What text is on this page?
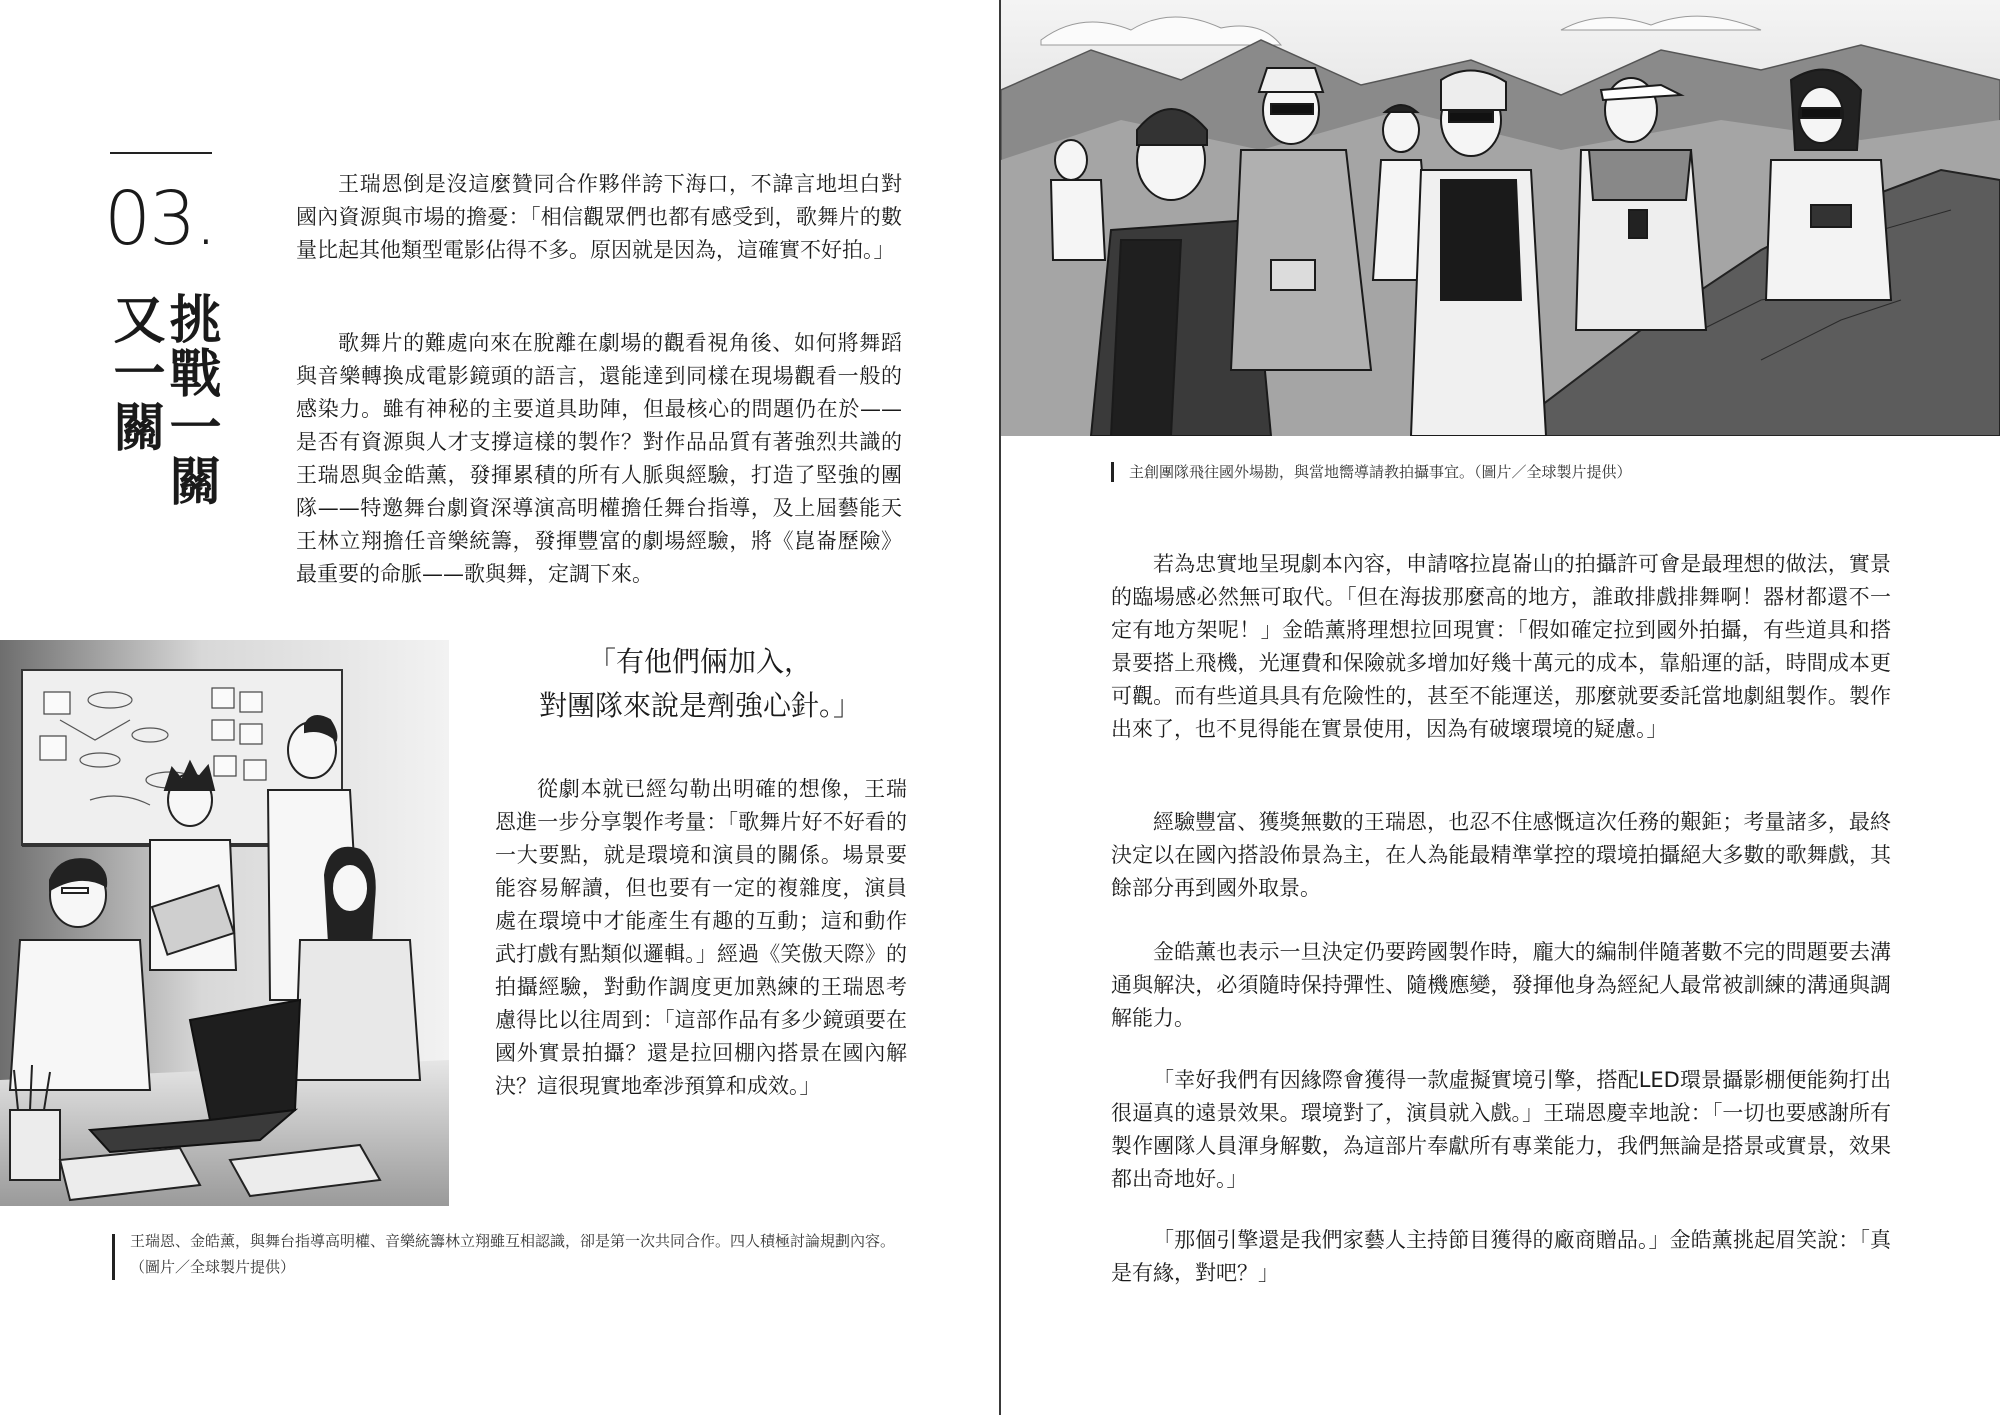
03.
挑戰一關
又一關

王瑞恩倒是沒這麼贊同合作夥伴誇下海口，不諱言地坦白對國內資源與市場的擔憂：「相信觀眾們也都有感受到，歌舞片的數量比起其他類型電影佔得不多。原因就是因為，這確實不好拍。」

歌舞片的難處向來在脫離在劇場的觀看視角後、如何將舞蹈與音樂轉換成電影鏡頭的語言，還能達到同樣在現場觀看一般的感染力。雖有神秘的主要道具助陣，但最核心的問題仍在於——是否有資源與人才支撐這樣的製作？對作品品質有著強烈共識的王瑞恩與金皓薰，發揮累積的所有人脈與經驗，打造了堅強的團隊——特邀舞台劇資深導演高明權擔任舞台指導，及上屆藝能天王林立翔擔任音樂統籌，發揮豐富的劇場經驗，將《崑崙歷險》最重要的命脈——歌與舞，定調下來。

「有他們倆加入，
對團隊來說是劑強心針。」

從劇本就已經勾勒出明確的想像，王瑞恩進一步分享製作考量：「歌舞片好不好看的一大要點，就是環境和演員的關係。場景要能容易解讀，但也要有一定的複雜度，演員處在環境中才能產生有趣的互動；這和動作武打戲有點類似邏輯。」經過《笑傲天際》的拍攝經驗，對動作調度更加熟練的王瑞恩考慮得比以往周到：「這部作品有多少鏡頭要在國外實景拍攝？還是拉回棚內搭景在國內解決？這很現實地牽涉預算和成效。」

王瑞恩、金皓薰，與舞台指導高明權、音樂統籌林立翔雖互相認識，卻是第一次共同合作。四人積極討論規劃內容。（圖片／全球製片提供）

主創團隊飛往國外場勘，與當地嚮導請教拍攝事宜。（圖片／全球製片提供）

若為忠實地呈現劇本內容，申請喀拉崑崙山的拍攝許可會是最理想的做法，實景的臨場感必然無可取代。「但在海拔那麼高的地方，誰敢排戲排舞啊！器材都還不一定有地方架呢！」金皓薰將理想拉回現實：「假如確定拉到國外拍攝，有些道具和搭景要搭上飛機，光運費和保險就多增加好幾十萬元的成本，靠船運的話，時間成本更可觀。而有些道具具有危險性的，甚至不能運送，那麼就要委託當地劇組製作。製作出來了，也不見得能在實景使用，因為有破壞環境的疑慮。」

經驗豐富、獲獎無數的王瑞恩，也忍不住感慨這次任務的艱鉅；考量諸多，最終決定以在國內搭設佈景為主，在人為能最精準掌控的環境拍攝絕大多數的歌舞戲，其餘部分再到國外取景。

金皓薰也表示一旦決定仍要跨國製作時，龐大的編制伴隨著數不完的問題要去溝通與解決，必須隨時保持彈性、隨機應變，發揮他身為經紀人最常被訓練的溝通與調解能力。

「幸好我們有因緣際會獲得一款虛擬實境引擎，搭配LED環景攝影棚便能夠打出很逼真的遠景效果。環境對了，演員就入戲。」王瑞恩慶幸地說：「一切也要感謝所有製作團隊人員渾身解數，為這部片奉獻所有專業能力，我們無論是搭景或實景，效果都出奇地好。」

「那個引擎還是我們家藝人主持節目獲得的廠商贈品。」金皓薰挑起眉笑說：「真是有緣，對吧？」
